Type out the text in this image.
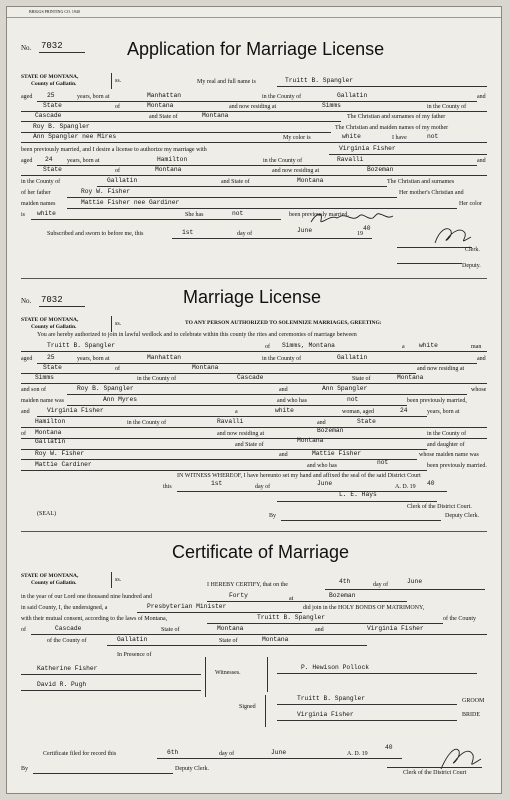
BRIGGS PRINTING CO. 1940
No. 7032	Application for Marriage License
STATE OF MONTANA,
County of Gallatin.	ss.	My real and full name is	Truitt B. Spangler
aged 25	years, born at	Manhattan	in the County of	Gallatin	and
State	of	Montana	and now residing at	Simms	in the County of
Cascade	and State of	Montana	The Christian and surnames of my father
Roy B. Spangler	The Christian and maiden names of my mother
Ann Spangler nee Mires	My color is	white	I have	not
been previously married, and I desire a license to authorize my marriage with	Virginia Fisher
aged 24 years, born at	Hamilton	in the County of	Ravalli	and
State	of	Montana	and now residing at	Bozeman
in the County of	Gallatin	and State of	Montana	The Christian and surnames
of her father	Roy W. Fisher	Her mother's Christian and
maiden names	Mattie Fisher nee Gardiner	Her color
is white	She has	not	been previously married.
Subscribed and sworn to before me, this	1st	day of	June	19
40
Clerk.
Deputy.
No. 7032	Marriage License
STATE OF MONTANA,
County of Gallatin.	ss.	TO ANY PERSON AUTHORIZED TO SOLEMNIZE MARRIAGES, GREETING:
You are hereby authorized to join in lawful wedlock and to celebrate within this county the rites and ceremonies of marriage between
Truitt B. Spangler	of Simms, Montana	a white	man
aged 25	years, born at	Manhattan	in the County of	Gallatin	and
State	of	Montana	and now residing at
Simms	in the County of	Cascade	State of	Montana
and son of	Roy B. Spangler	and	Ann Spangler	whose
maiden name was	Ann Myres	and who has	not	been previously married,
and	Virginia Fisher	a	white	woman, aged	24	years, born at
Hamilton	in the County of	Ravalli	and	State
of Montana	and now residing at	Bozeman	in the County of
Gallatin	and State of
Montana
and daughter of
Roy W. Fisher	and	Mattie Fisher	whose maiden name was
Mattie Cardiner	and who has	not	been previously married.
IN WITNESS WHEREOF, I have hereunto set my hand and affixed the seal of the said District Court
this	1st	day of	June	A. D. 19 40
L. E. Hays
Clerk of the District Court.
(SEAL)	By	Deputy Clerk.
Certificate of Marriage
STATE OF MONTANA,
County of Gallatin.	ss.
I HEREBY CERTIFY, that on the	4th	day of	June
in the year of our Lord one thousand nine hundred and	Forty	at	Bozeman
in said County, I, the undersigned, a	Presbyterian Minister	did join in the HOLY BONDS OF MATRIMONY,
with their mutual consent, according to the laws of Montana,	Truitt B. Spangler	of the County
of	Cascade	State of	Montana	and	Virginia Fisher
of the County of	Gallatin	State of	Montana
In Presence of
Katherine Fisher
David R. Pugh
Witnesses.
P. Hewison Pollock
Signed
Truitt B. Spangler	GROOM
Virginia Fisher	BRIDE
Certificate filed for record this	6th	day of	June	A. D. 19
40
By	Deputy Clerk.
Clerk of the District Court
